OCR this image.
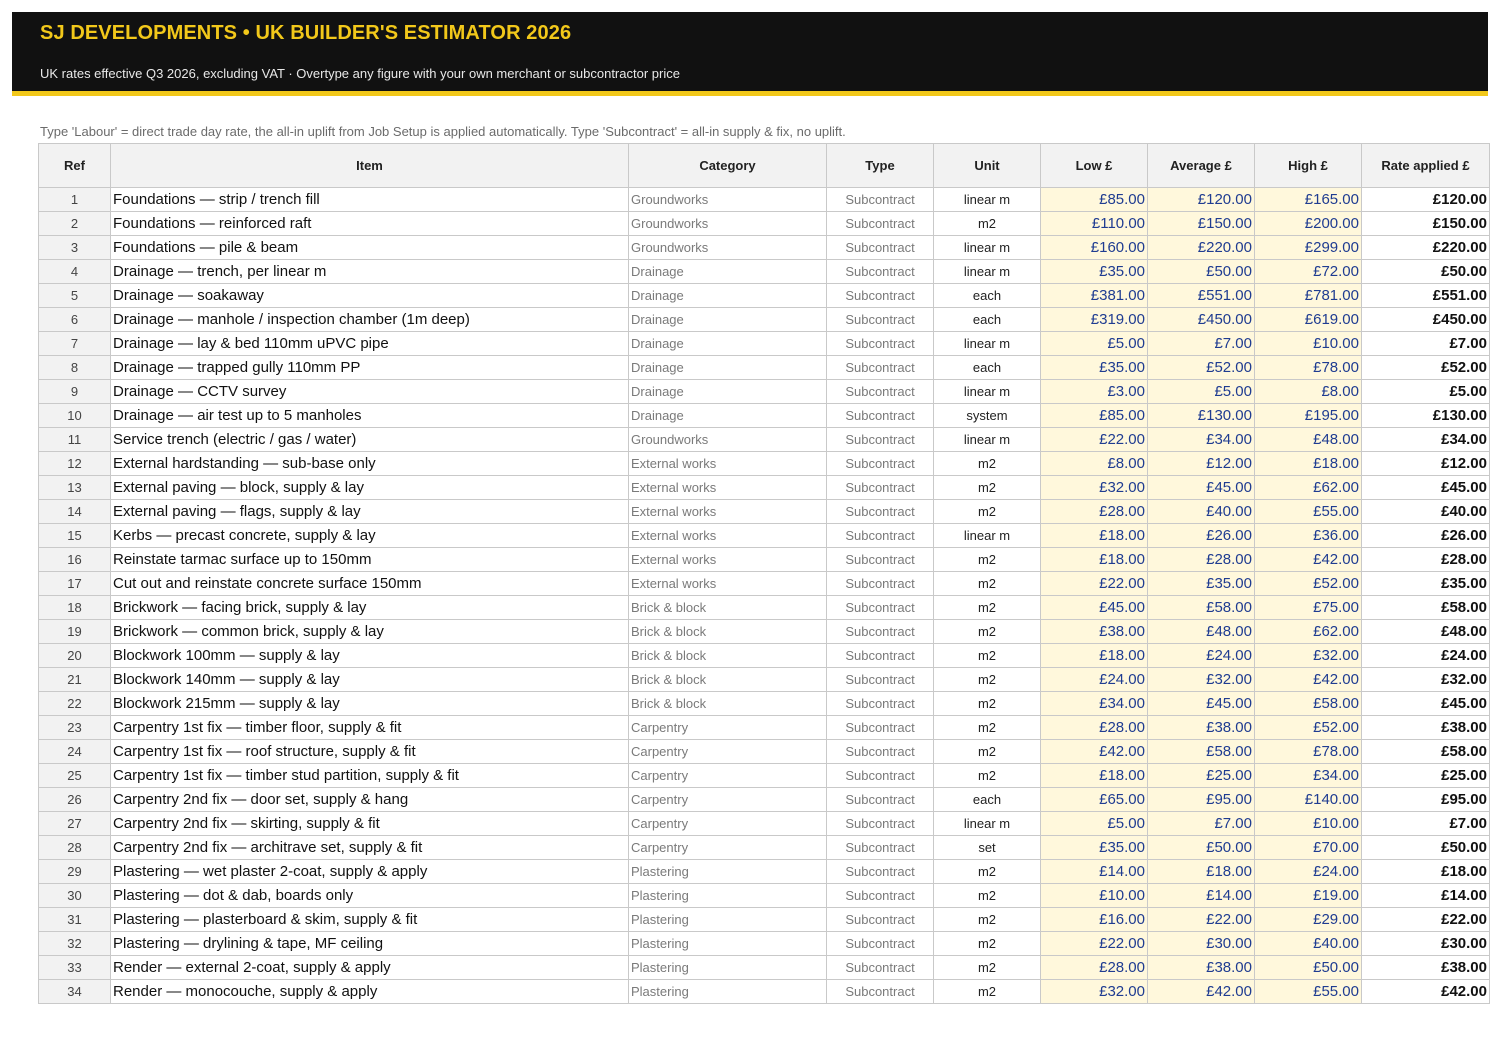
SJ DEVELOPMENTS • UK BUILDER'S ESTIMATOR 2026
UK rates effective Q3 2026, excluding VAT · Overtype any figure with your own merchant or subcontractor price
Type 'Labour' = direct trade day rate, the all-in uplift from Job Setup is applied automatically. Type 'Subcontract' = all-in supply & fix, no uplift.
Ref	Item	Category	Type	Unit	Low £	Average £	High £	Rate applied £
1	Foundations — strip / trench fill	Groundworks	Subcontract	linear m	£85.00	£120.00	£165.00	£120.00
2	Foundations — reinforced raft	Groundworks	Subcontract	m2	£110.00	£150.00	£200.00	£150.00
3	Foundations — pile & beam	Groundworks	Subcontract	linear m	£160.00	£220.00	£299.00	£220.00
4	Drainage — trench, per linear m	Drainage	Subcontract	linear m	£35.00	£50.00	£72.00	£50.00
5	Drainage — soakaway	Drainage	Subcontract	each	£381.00	£551.00	£781.00	£551.00
6	Drainage — manhole / inspection chamber (1m deep)	Drainage	Subcontract	each	£319.00	£450.00	£619.00	£450.00
7	Drainage — lay & bed 110mm uPVC pipe	Drainage	Subcontract	linear m	£5.00	£7.00	£10.00	£7.00
8	Drainage — trapped gully 110mm PP	Drainage	Subcontract	each	£35.00	£52.00	£78.00	£52.00
9	Drainage — CCTV survey	Drainage	Subcontract	linear m	£3.00	£5.00	£8.00	£5.00
10	Drainage — air test up to 5 manholes	Drainage	Subcontract	system	£85.00	£130.00	£195.00	£130.00
11	Service trench (electric / gas / water)	Groundworks	Subcontract	linear m	£22.00	£34.00	£48.00	£34.00
12	External hardstanding — sub-base only	External works	Subcontract	m2	£8.00	£12.00	£18.00	£12.00
13	External paving — block, supply & lay	External works	Subcontract	m2	£32.00	£45.00	£62.00	£45.00
14	External paving — flags, supply & lay	External works	Subcontract	m2	£28.00	£40.00	£55.00	£40.00
15	Kerbs — precast concrete, supply & lay	External works	Subcontract	linear m	£18.00	£26.00	£36.00	£26.00
16	Reinstate tarmac surface up to 150mm	External works	Subcontract	m2	£18.00	£28.00	£42.00	£28.00
17	Cut out and reinstate concrete surface 150mm	External works	Subcontract	m2	£22.00	£35.00	£52.00	£35.00
18	Brickwork — facing brick, supply & lay	Brick & block	Subcontract	m2	£45.00	£58.00	£75.00	£58.00
19	Brickwork — common brick, supply & lay	Brick & block	Subcontract	m2	£38.00	£48.00	£62.00	£48.00
20	Blockwork 100mm — supply & lay	Brick & block	Subcontract	m2	£18.00	£24.00	£32.00	£24.00
21	Blockwork 140mm — supply & lay	Brick & block	Subcontract	m2	£24.00	£32.00	£42.00	£32.00
22	Blockwork 215mm — supply & lay	Brick & block	Subcontract	m2	£34.00	£45.00	£58.00	£45.00
23	Carpentry 1st fix — timber floor, supply & fit	Carpentry	Subcontract	m2	£28.00	£38.00	£52.00	£38.00
24	Carpentry 1st fix — roof structure, supply & fit	Carpentry	Subcontract	m2	£42.00	£58.00	£78.00	£58.00
25	Carpentry 1st fix — timber stud partition, supply & fit	Carpentry	Subcontract	m2	£18.00	£25.00	£34.00	£25.00
26	Carpentry 2nd fix — door set, supply & hang	Carpentry	Subcontract	each	£65.00	£95.00	£140.00	£95.00
27	Carpentry 2nd fix — skirting, supply & fit	Carpentry	Subcontract	linear m	£5.00	£7.00	£10.00	£7.00
28	Carpentry 2nd fix — architrave set, supply & fit	Carpentry	Subcontract	set	£35.00	£50.00	£70.00	£50.00
29	Plastering — wet plaster 2-coat, supply & apply	Plastering	Subcontract	m2	£14.00	£18.00	£24.00	£18.00
30	Plastering — dot & dab, boards only	Plastering	Subcontract	m2	£10.00	£14.00	£19.00	£14.00
31	Plastering — plasterboard & skim, supply & fit	Plastering	Subcontract	m2	£16.00	£22.00	£29.00	£22.00
32	Plastering — drylining & tape, MF ceiling	Plastering	Subcontract	m2	£22.00	£30.00	£40.00	£30.00
33	Render — external 2-coat, supply & apply	Plastering	Subcontract	m2	£28.00	£38.00	£50.00	£38.00
34	Render — monocouche, supply & apply	Plastering	Subcontract	m2	£32.00	£42.00	£55.00	£42.00
